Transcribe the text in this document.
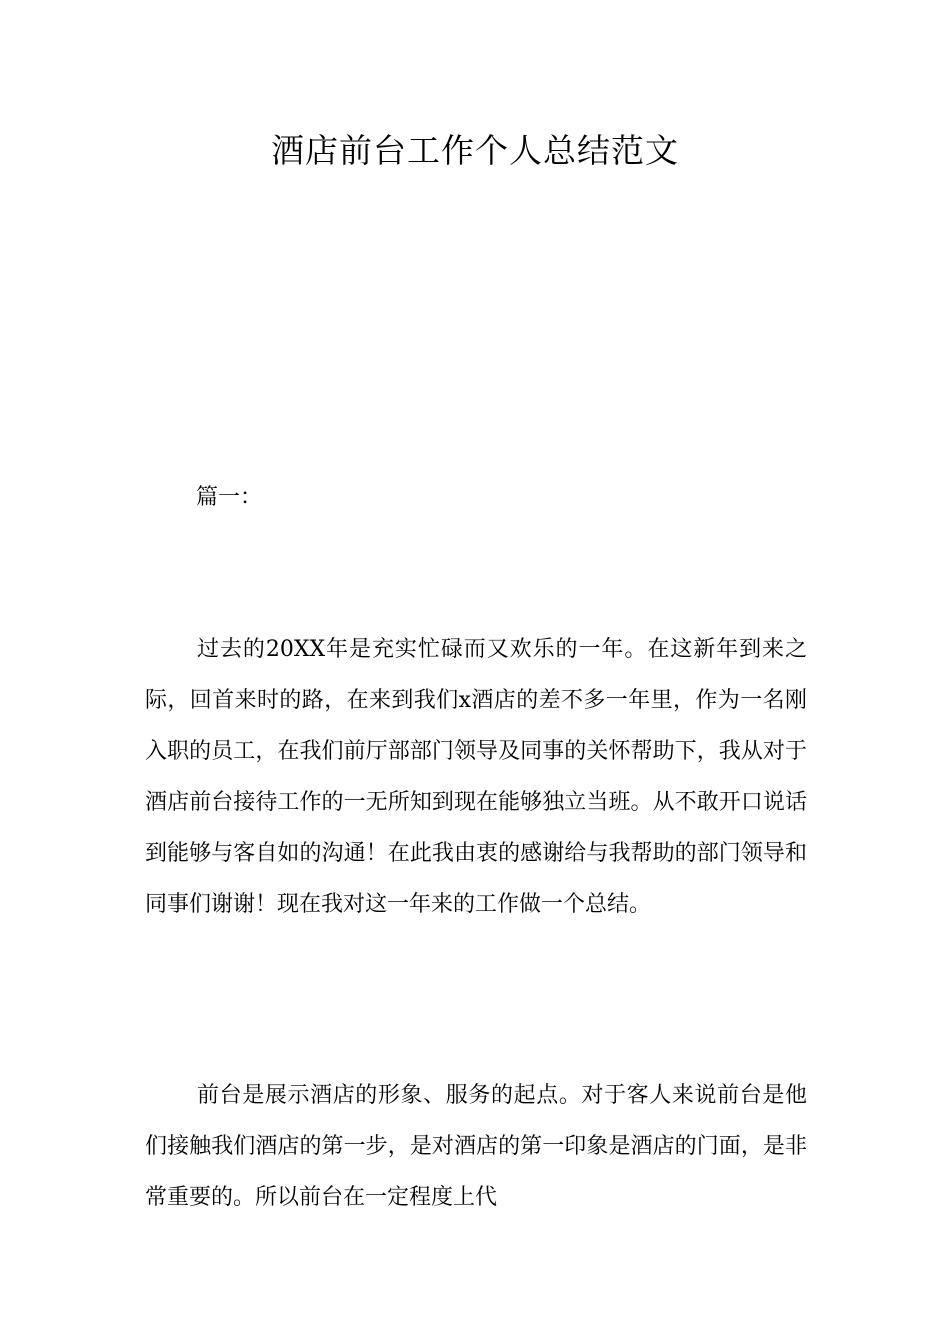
酒店前台工作个人总结范文
篇一：

过去的20XX年是充实忙碌而又欢乐的一年。在这新年到来之际，回首来时的路，在来到我们x酒店的差不多一年里，作为一名刚入职的员工，在我们前厅部部门领导及同事的关怀帮助下，我从对于酒店前台接待工作的一无所知到现在能够独立当班。从不敢开口说话到能够与客自如的沟通！在此我由衷的感谢给与我帮助的部门领导和同事们谢谢！现在我对这一年来的工作做一个总结。

前台是展示酒店的形象、服务的起点。对于客人来说前台是他们接触我们酒店的第一步，是对酒店的第一印象是酒店的门面，是非常重要的。所以前台在一定程度上代
